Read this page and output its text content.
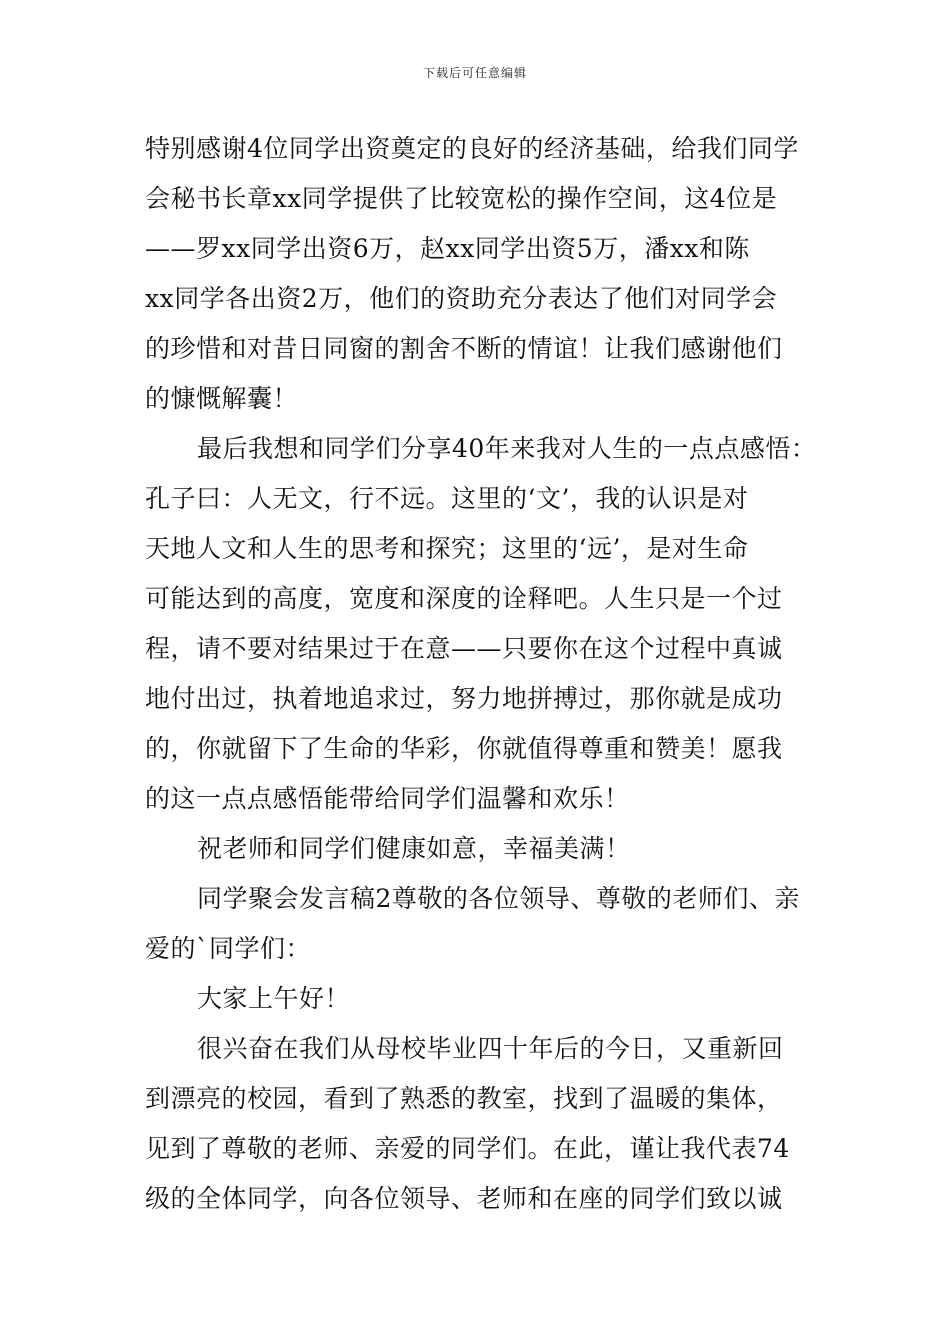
下载后可任意编辑
特别感谢4位同学出资奠定的良好的经济基础，给我们同学
会秘书长章xx同学提供了比较宽松的操作空间，这4位是
——罗xx同学出资6万，赵xx同学出资5万，潘xx和陈
xx同学各出资2万，他们的资助充分表达了他们对同学会
的珍惜和对昔日同窗的割舍不断的情谊！让我们感谢他们
的慷慨解囊！
最后我想和同学们分享40年来我对人生的一点点感悟：
孔子曰：人无文，行不远。这里的‘文’，我的认识是对
天地人文和人生的思考和探究；这里的‘远’，是对生命
可能达到的高度，宽度和深度的诠释吧。人生只是一个过
程，请不要对结果过于在意——只要你在这个过程中真诚
地付出过，执着地追求过，努力地拼搏过，那你就是成功
的，你就留下了生命的华彩，你就值得尊重和赞美！愿我
的这一点点感悟能带给同学们温馨和欢乐！
祝老师和同学们健康如意，幸福美满！
同学聚会发言稿2尊敬的各位领导、尊敬的老师们、亲
爱的`同学们：
大家上午好！
很兴奋在我们从母校毕业四十年后的今日，又重新回
到漂亮的校园，看到了熟悉的教室，找到了温暖的集体，
见到了尊敬的老师、亲爱的同学们。在此，谨让我代表74
级的全体同学，向各位领导、老师和在座的同学们致以诚
